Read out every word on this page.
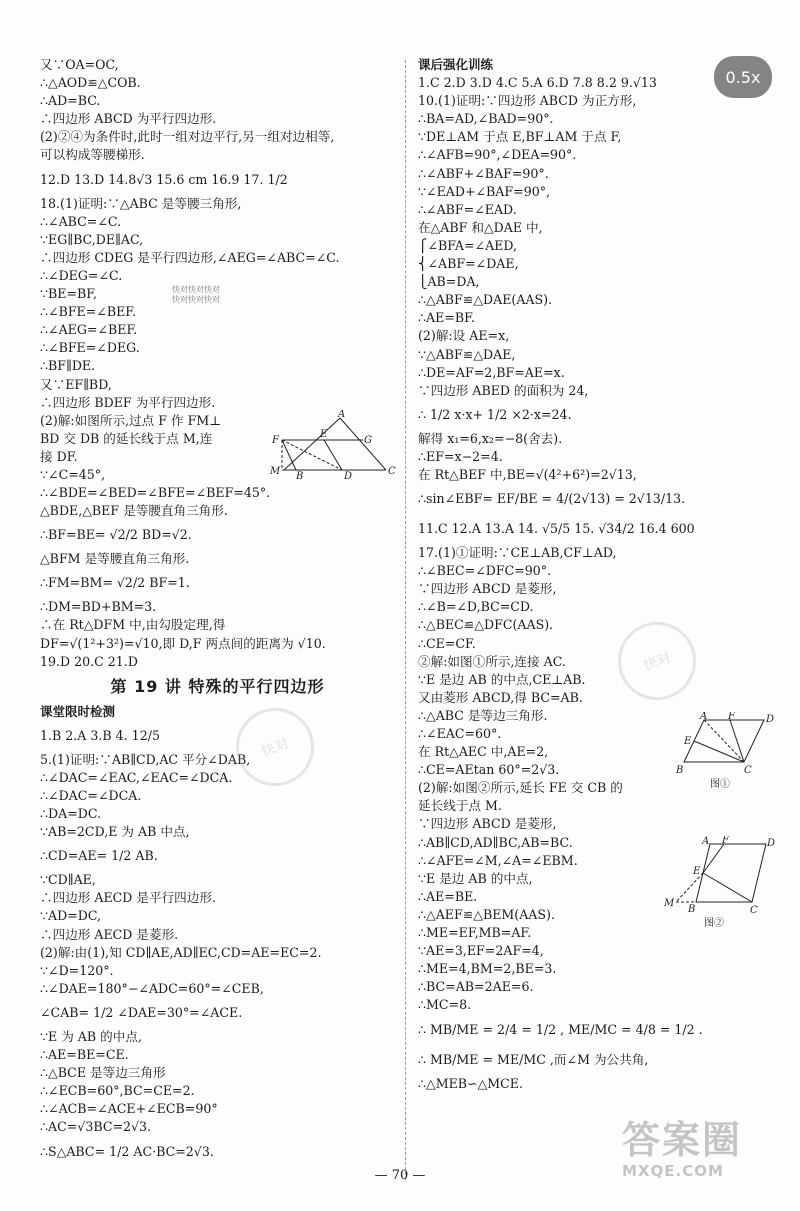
又∵OA=OC,
∴△AOD≌△COB.
∴AD=BC.
∴四边形 ABCD 为平行四边形.
(2)②④为条件时,此时一组对边平行,另一组对边相等,
可以构成等腰梯形.
12.D 13.D 14.8√3 15.6 cm 16.9 17. 1/2
18.(1)证明:∵△ABC 是等腰三角形,
∴∠ABC=∠C.
∵EG∥BC,DE∥AC,
∴四边形 CDEG 是平行四边形,∠AEG=∠ABC=∠C.
∴∠DEG=∠C.
∵BE=BF,
∴∠BFE=∠BEF.
∴∠AEG=∠BEF.
∴∠BFE=∠DEG.
∴BF∥DE.
又∵EF∥BD,
∴四边形 BDEF 为平行四边形.
(2)解:如图所示,过点 F 作 FM⊥
BD 交 DB 的延长线于点 M,连
接 DF.
∵∠C=45°,
∴∠BDE=∠BED=∠BFE=∠BEF=45°.
△BDE,△BEF 是等腰直角三角形.
∴BF=BE= √2/2 BD=√2.
△BFM 是等腰直角三角形.
∴FM=BM= √2/2 BF=1.
∴DM=BD+BM=3.
∴在 Rt△DFM 中,由勾股定理,得
DF=√(1²+3²)=√10,即 D,F 两点间的距离为 √10.
19.D 20.C 21.D
第 19 讲 特殊的平行四边形
课堂限时检测
1.B 2.A 3.B 4. 12/5
5.(1)证明:∵AB∥CD,AC 平分∠DAB,
∴∠DAC=∠EAC,∠EAC=∠DCA.
∴∠DAC=∠DCA.
∴DA=DC.
∵AB=2CD,E 为 AB 中点,
∴CD=AE= 1/2 AB.
∵CD∥AE,
∴四边形 AECD 是平行四边形.
∵AD=DC,
∴四边形 AECD 是菱形.
(2)解:由(1),知 CD∥AE,AD∥EC,CD=AE=EC=2.
∵∠D=120°.
∴∠DAE=180°−∠ADC=60°=∠CEB,
∠CAB= 1/2 ∠DAE=30°=∠ACE.
∵E 为 AB 的中点,
∴AE=BE=CE.
∴△BCE 是等边三角形
∴∠ECB=60°,BC=CE=2.
∴∠ACB=∠ACE+∠ECB=90°
∴AC=√3BC=2√3.
∴S△ABC= 1/2 AC·BC=2√3.
课后强化训练
1.C 2.D 3.D 4.C 5.A 6.D 7.8 8.2 9.√13
10.(1)证明:∵四边形 ABCD 为正方形,
∴BA=AD,∠BAD=90°.
∵DE⊥AM 于点 E,BF⊥AM 于点 F,
∴∠AFB=90°,∠DEA=90°.
∴∠ABF+∠BAF=90°.
∵∠EAD+∠BAF=90°,
∴∠ABF=∠EAD.
在△ABF 和△DAE 中,
⎧∠BFA=∠AED,
⎨∠ABF=∠DAE,
⎩AB=DA,
∴△ABF≌△DAE(AAS).
∴AE=BF.
(2)解:设 AE=x,
∵△ABF≌△DAE,
∴DE=AF=2,BF=AE=x.
∵四边形 ABED 的面积为 24,
∴ 1/2 x·x+ 1/2 ×2·x=24.
解得 x₁=6,x₂=−8(舍去).
∴EF=x−2=4.
在 Rt△BEF 中,BE=√(4²+6²)=2√13,
∴sin∠EBF= EF/BE = 4/(2√13) = 2√13/13.
11.C 12.A 13.A 14. √5/5 15. √34/2 16.4 600
17.(1)①证明:∵CE⊥AB,CF⊥AD,
∴∠BEC=∠DFC=90°.
∵四边形 ABCD 是菱形,
∴∠B=∠D,BC=CD.
∴△BEC≌△DFC(AAS).
∴CE=CF.
②解:如图①所示,连接 AC.
∵E 是边 AB 的中点,CE⊥AB.
又由菱形 ABCD,得 BC=AB.
∴△ABC 是等边三角形.
∴∠EAC=60°.
在 Rt△AEC 中,AE=2,
∴CE=AEtan 60°=2√3.
(2)解:如图②所示,延长 FE 交 CB 的
延长线于点 M.
∵四边形 ABCD 是菱形,
∴AB∥CD,AD∥BC,AB=BC.
∴∠AFE=∠M,∠A=∠EBM.
∵E 是边 AB 的中点,
∴AE=BE.
∴△AEF≌△BEM(AAS).
∴ME=EF,MB=AF.
∵AE=3,EF=2AF=4,
∴ME=4,BM=2,BE=3.
∴BC=AB=2AE=6.
∴MC=8.
∴ MB/ME = 2/4 = 1/2 , ME/MC = 4/8 = 1/2 .
∴ MB/ME = ME/MC ,而∠M 为公共角,
∴△MEB∽△MCE.
A
F
E
G
M B	D	C
A F	D
E
B	C
图①
A F	D
E
M
B	C
图②
快对快对快对
快对快对快对
快对
快对
0.5x
— 70 —
答案圈
MXQE.COM
